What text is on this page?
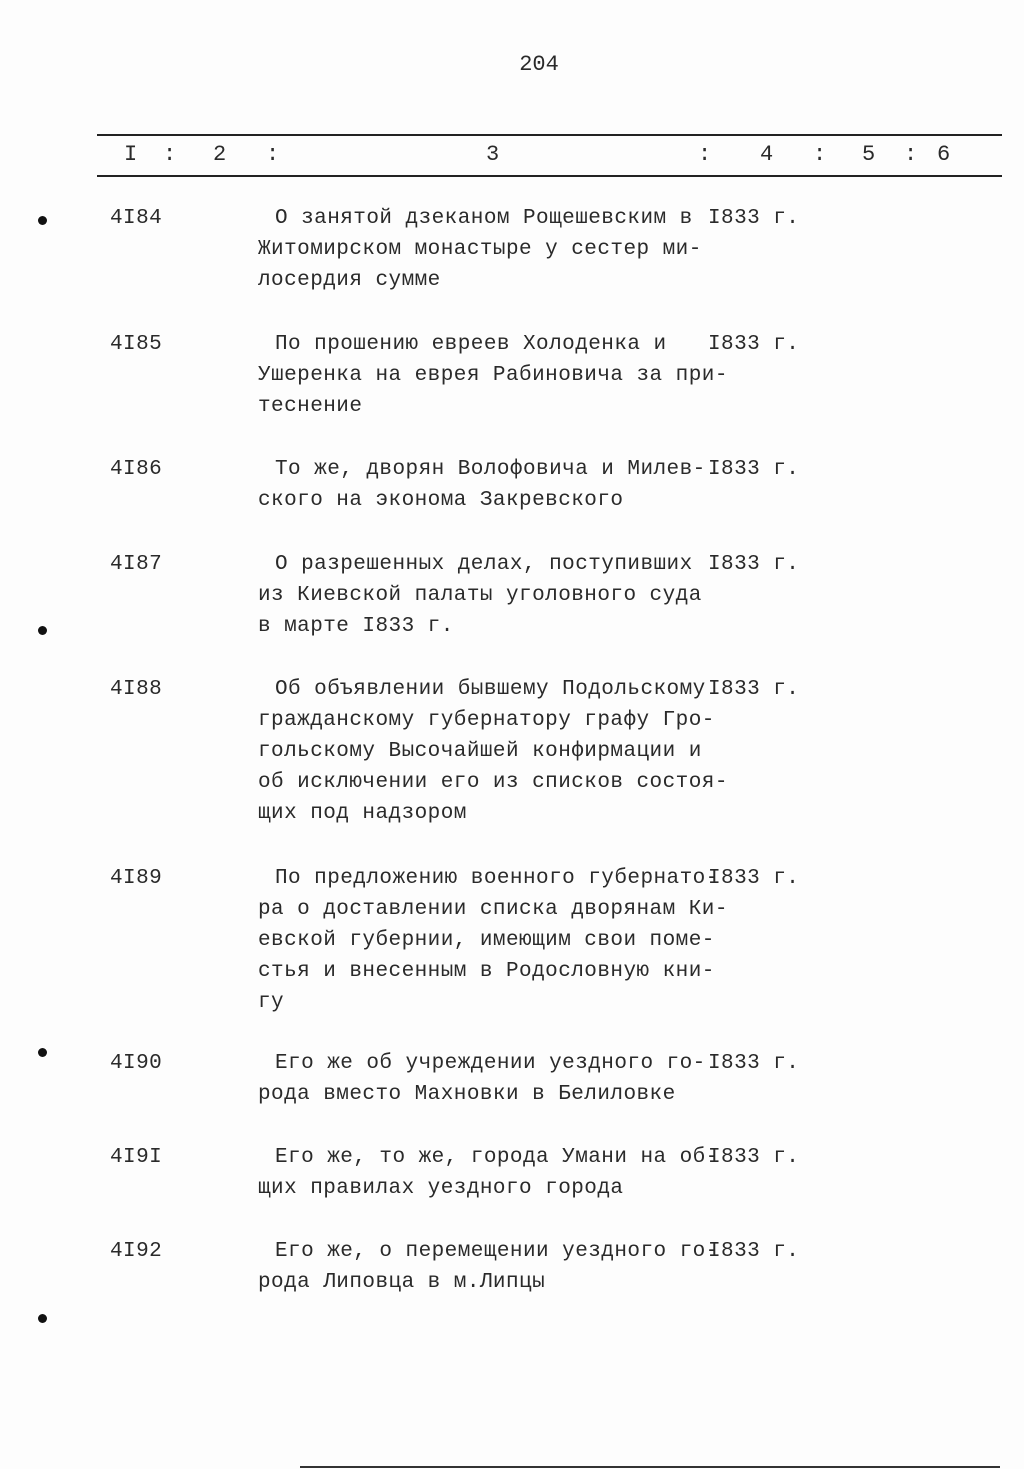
204
I : 2 :	3	: 4 : 5 : 6
4I84	О занятой дзеканом Рощешевским в
Житомирском монастыре у сестер ми-
лосердия сумме
I833 г.
4I85	По прошению евреев Холоденка и
Ушеренка на еврея Рабиновича за при-
теснение
I833 г.
4I86	То же, дворян Волофовича и Милев-
ского на эконома Закревского
I833 г.
4I87	О разрешенных делах, поступивших
из Киевской палаты уголовного суда
в марте I833 г.
I833 г.
4I88	Об объявлении бывшему Подольскому
гражданскому губернатору графу Гро-
гольскому Высочайшей конфирмации и
об исключении его из списков состоя-
щих под надзором
I833 г.
4I89	По предложению военного губернато-
ра о доставлении списка дворянам Ки-
евской губернии, имеющим свои поме-
стья и внесенным в Родословную кни-
гу
I833 г.
4I90	Его же об учреждении уездного го-
рода вместо Махновки в Белиловке
I833 г.
4I9I	Его же, то же, города Умани на об-
щих правилах уездного города
I833 г.
4I92	Его же, о перемещении уездного го-
рода Липовца в м.Липцы
I833 г.
